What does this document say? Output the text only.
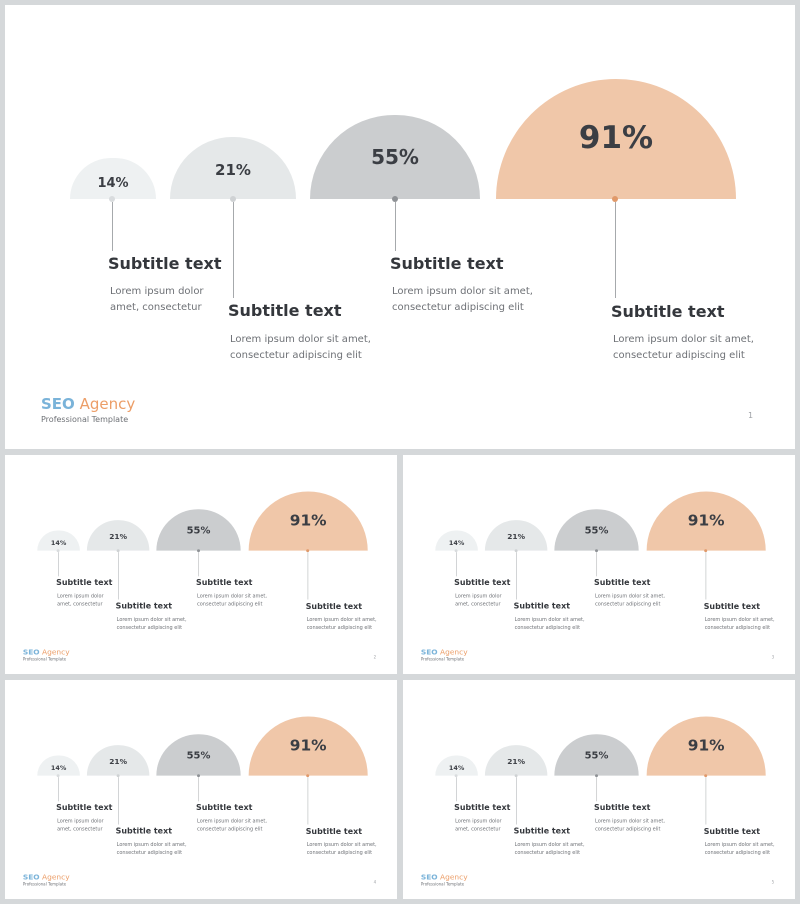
14%
21%
55%
91%
Subtitle text
Subtitle text
Subtitle text
Subtitle text
Lorem ipsum dolor
amet, consectetur
Lorem ipsum dolor sit amet,
consectetur adipiscing elit
Lorem ipsum dolor sit amet,
consectetur adipiscing elit
Lorem ipsum dolor sit amet,
consectetur adipiscing elit
SEO Agency
Professional Template	1
14%
21%
55%
91%
Subtitle text
Subtitle text
Subtitle text
Subtitle text
Lorem ipsum dolor
amet, consectetur
Lorem ipsum dolor sit amet,
consectetur adipiscing elit
Lorem ipsum dolor sit amet,
consectetur adipiscing elit
Lorem ipsum dolor sit amet,
consectetur adipiscing elit
SEO Agency
Professional Template	2
14%
21%
55%
91%
Subtitle text
Subtitle text
Subtitle text
Subtitle text
Lorem ipsum dolor
amet, consectetur
Lorem ipsum dolor sit amet,
consectetur adipiscing elit
Lorem ipsum dolor sit amet,
consectetur adipiscing elit
Lorem ipsum dolor sit amet,
consectetur adipiscing elit
SEO Agency
Professional Template	3
14%
21%
55%
91%
Subtitle text
Subtitle text
Subtitle text
Subtitle text
Lorem ipsum dolor
amet, consectetur
Lorem ipsum dolor sit amet,
consectetur adipiscing elit
Lorem ipsum dolor sit amet,
consectetur adipiscing elit
Lorem ipsum dolor sit amet,
consectetur adipiscing elit
SEO Agency
Professional Template	4
14%
21%
55%
91%
Subtitle text
Subtitle text
Subtitle text
Subtitle text
Lorem ipsum dolor
amet, consectetur
Lorem ipsum dolor sit amet,
consectetur adipiscing elit
Lorem ipsum dolor sit amet,
consectetur adipiscing elit
Lorem ipsum dolor sit amet,
consectetur adipiscing elit
SEO Agency
Professional Template	5
